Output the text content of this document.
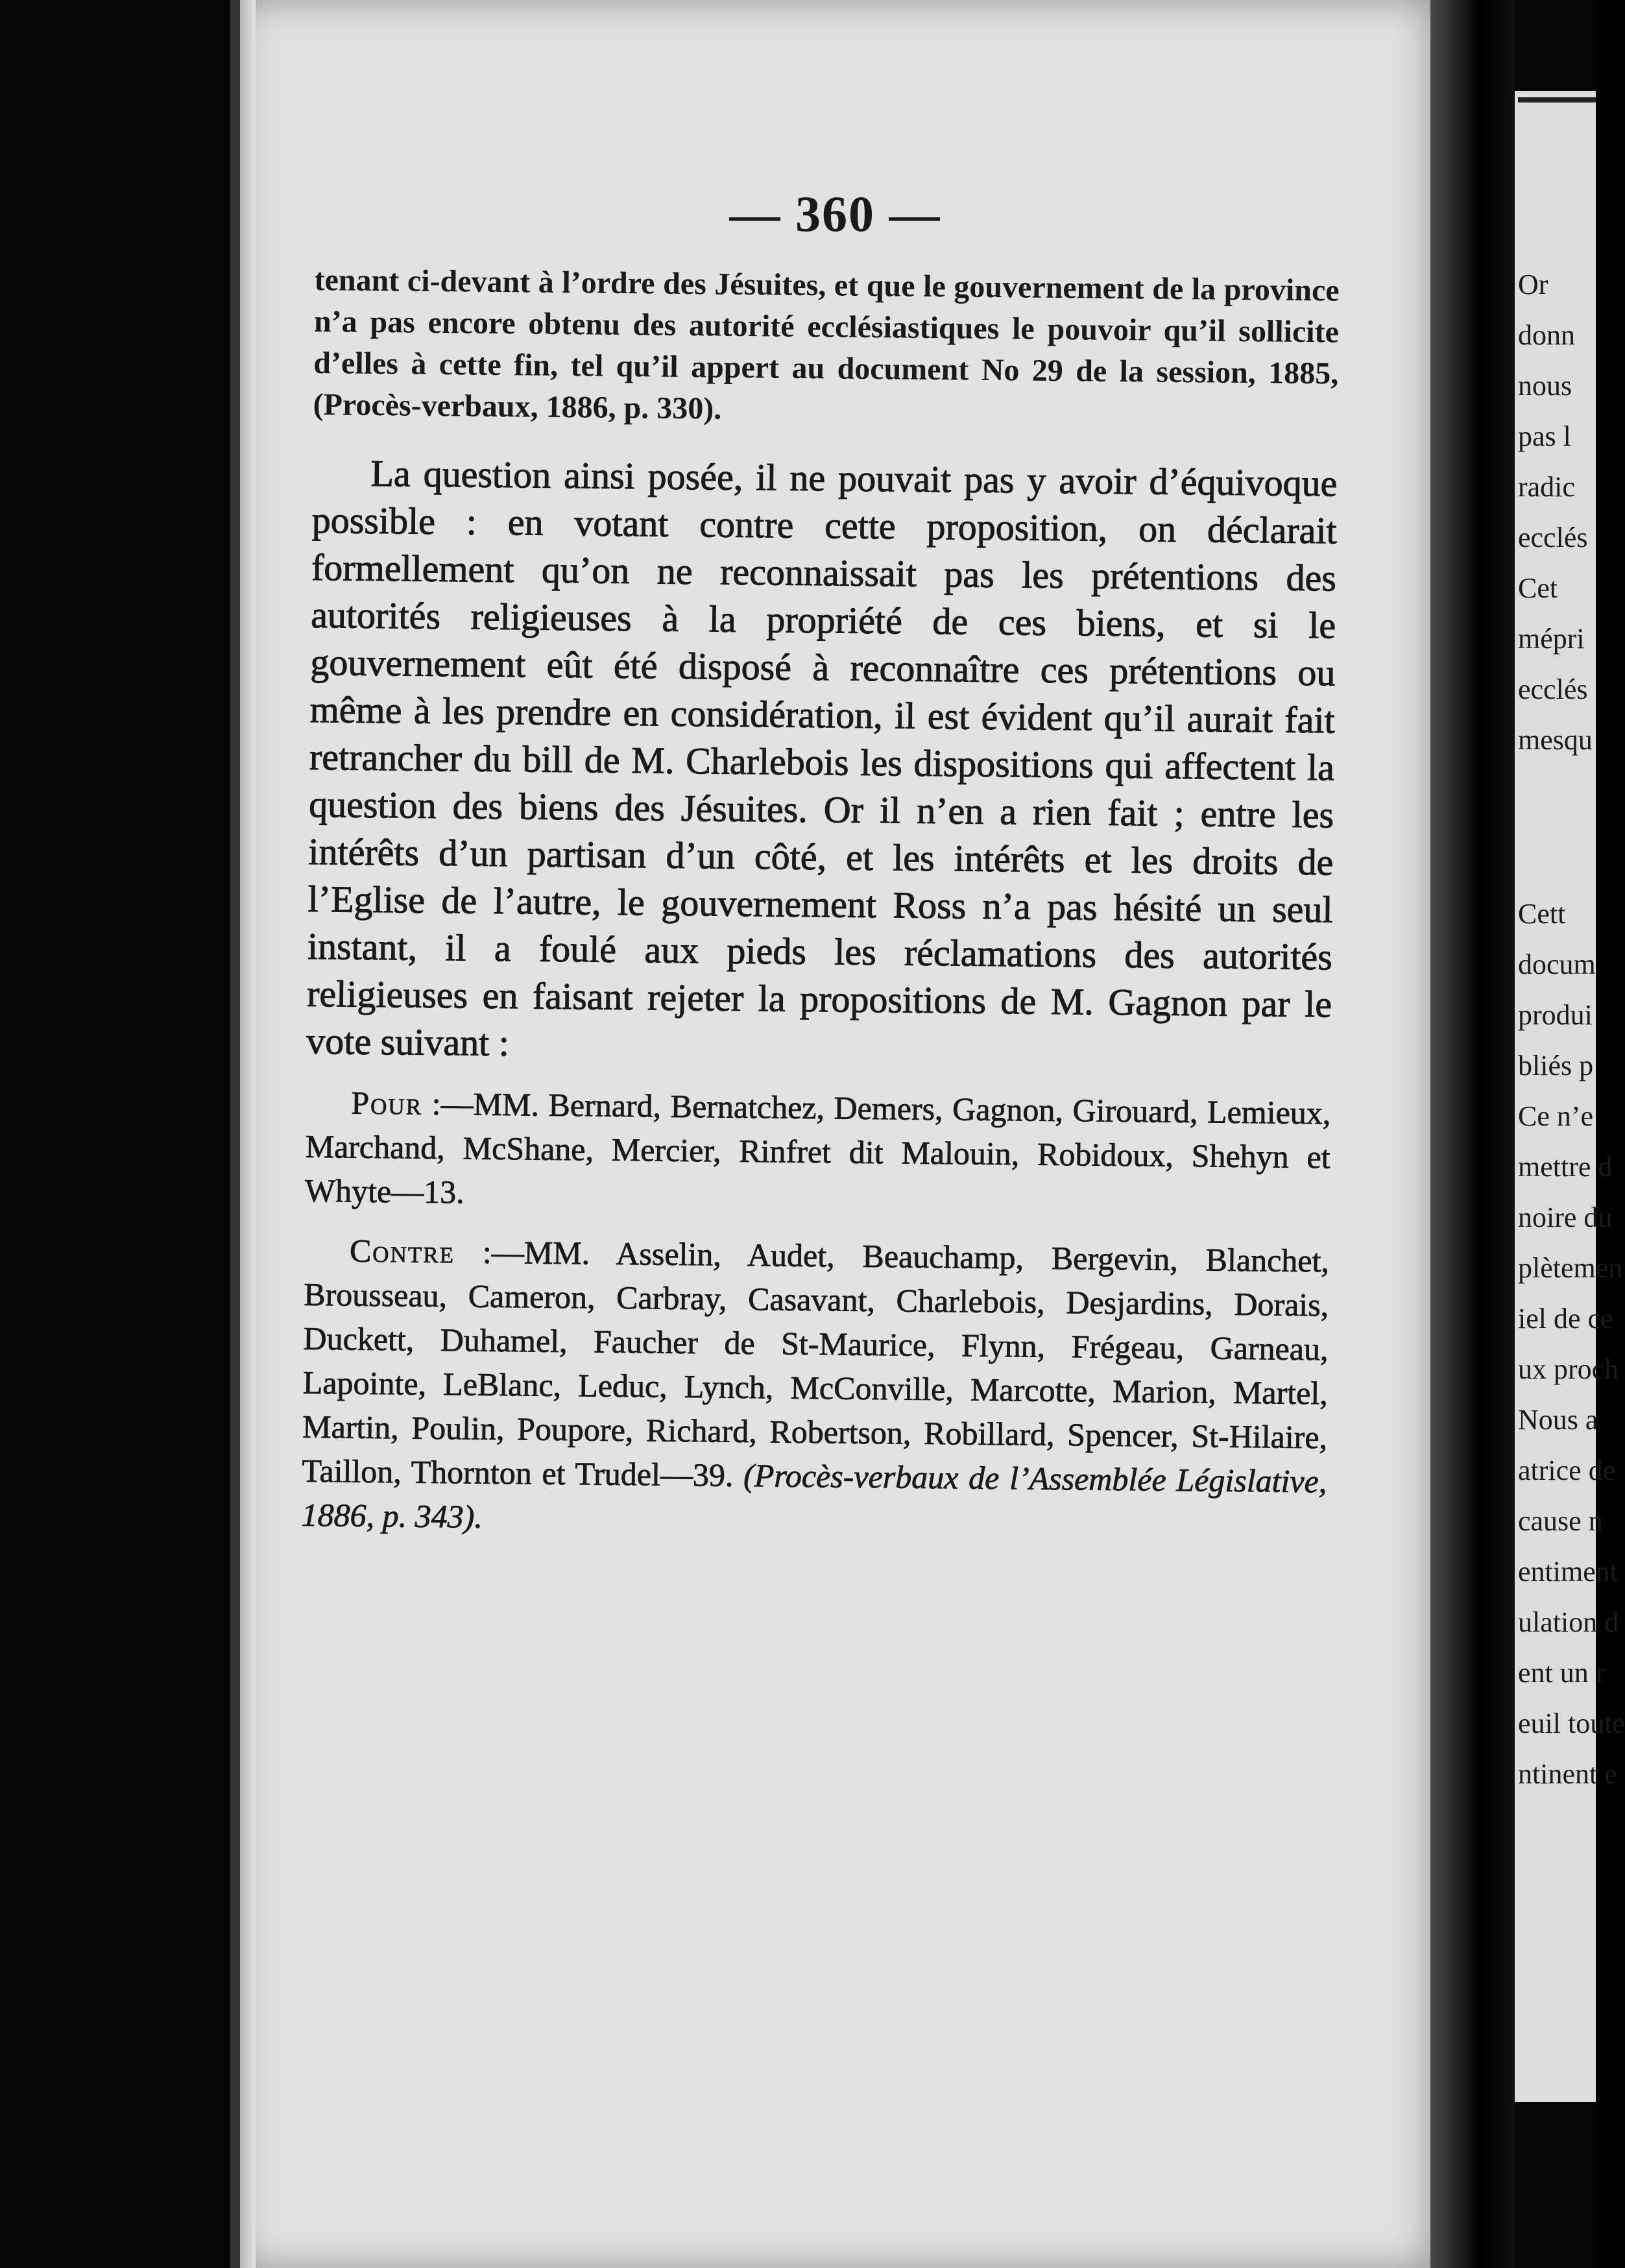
— 360 —

tenant ci-devant à l’ordre des Jésuites, et que le gouvernement de la province n’a pas encore obtenu des autorité ecclésiastiques le pouvoir qu’il sollicite d’elles à cette fin, tel qu’il appert au document No 29 de la session, 1885, (Procès-verbaux, 1886, p. 330).

La question ainsi posée, il ne pouvait pas y avoir d’équivoque possible : en votant contre cette proposition, on déclarait formellement qu’on ne reconnaissait pas les prétentions des autorités religieuses à la propriété de ces biens, et si le gouvernement eût été disposé à reconnaître ces prétentions ou même à les prendre en considération, il est évident qu’il aurait fait retrancher du bill de M. Charlebois les dispositions qui affectent la question des biens des Jésuites. Or il n’en a rien fait ; entre les intérêts d’un partisan d’un côté, et les intérêts et les droits de l’Eglise de l’autre, le gouvernement Ross n’a pas hésité un seul instant, il a foulé aux pieds les réclamations des autorités religieuses en faisant rejeter la propositions de M. Gagnon par le vote suivant :

Pour :—MM. Bernard, Bernatchez, Demers, Gagnon, Girouard, Lemieux, Marchand, McShane, Mercier, Rinfret dit Malouin, Robidoux, Shehyn et Whyte—13.

Contre :—MM. Asselin, Audet, Beauchamp, Bergevin, Blanchet, Brousseau, Cameron, Carbray, Casavant, Charlebois, Desjardins, Dorais, Duckett, Duhamel, Faucher de St-Maurice, Flynn, Frégeau, Garneau, Lapointe, LeBlanc, Leduc, Lynch, McConville, Marcotte, Marion, Martel, Martin, Poulin, Poupore, Richard, Robertson, Robillard, Spencer, St-Hilaire, Taillon, Thornton et Trudel—39. (Procès-verbaux de l’Assemblée Législative, 1886, p. 343).

Or
donn
nous
pas l
radic
ecclés
Cet
mépri
ecclés
mesqu
Cett
docum
produi
bliés p
Ce n’e
mettre d
noire du
plètemen
iel de ce
ux proch
Nous a
atrice de
cause n
entiment
ulation d
ent un r
euil toute
ntinent e
